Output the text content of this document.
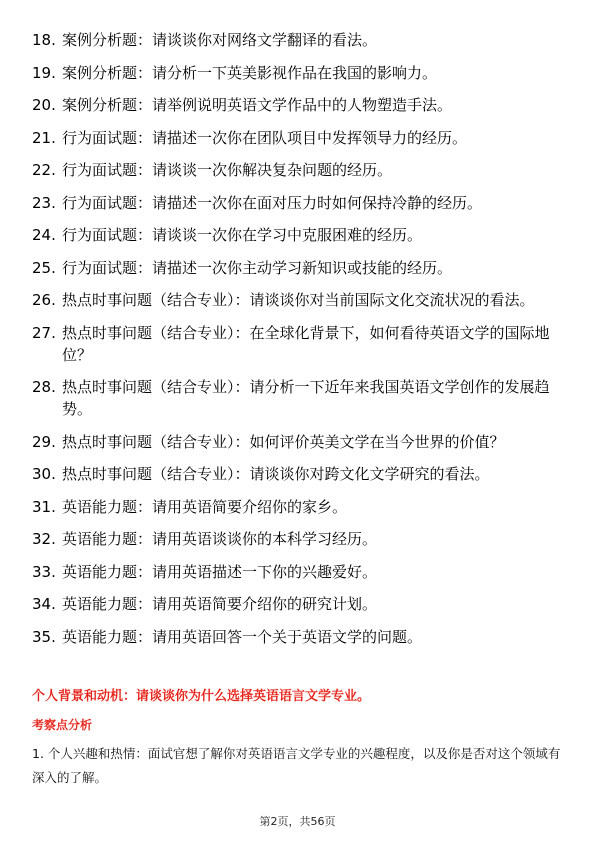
18. 案例分析题：请谈谈你对网络文学翻译的看法。
19. 案例分析题：请分析一下英美影视作品在我国的影响力。
20. 案例分析题：请举例说明英语文学作品中的人物塑造手法。
21. 行为面试题：请描述一次你在团队项目中发挥领导力的经历。
22. 行为面试题：请谈谈一次你解决复杂问题的经历。
23. 行为面试题：请描述一次你在面对压力时如何保持冷静的经历。
24. 行为面试题：请谈谈一次你在学习中克服困难的经历。
25. 行为面试题：请描述一次你主动学习新知识或技能的经历。
26. 热点时事问题（结合专业）：请谈谈你对当前国际文化交流状况的看法。
27. 热点时事问题（结合专业）：在全球化背景下，如何看待英语文学的国际地位？
28. 热点时事问题（结合专业）：请分析一下近年来我国英语文学创作的发展趋势。
29. 热点时事问题（结合专业）：如何评价英美文学在当今世界的价值？
30. 热点时事问题（结合专业）：请谈谈你对跨文化文学研究的看法。
31. 英语能力题：请用英语简要介绍你的家乡。
32. 英语能力题：请用英语谈谈你的本科学习经历。
33. 英语能力题：请用英语描述一下你的兴趣爱好。
34. 英语能力题：请用英语简要介绍你的研究计划。
35. 英语能力题：请用英语回答一个关于英语文学的问题。
个人背景和动机：请谈谈你为什么选择英语语言文学专业。
考察点分析
1. 个人兴趣和热情：面试官想了解你对英语语言文学专业的兴趣程度，以及你是否对这个领域有深入的了解。
第2页，共56页
